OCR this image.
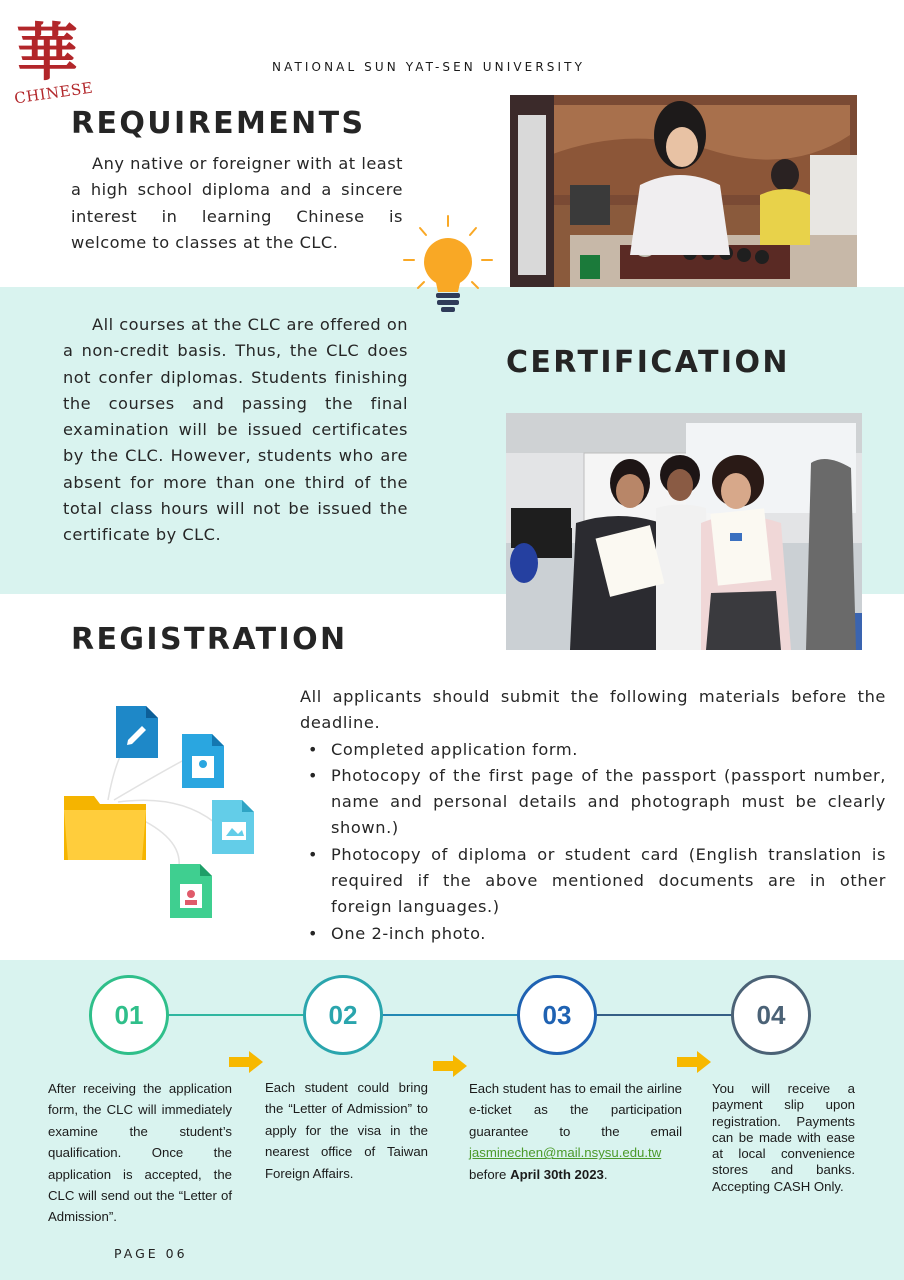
華
CHINESE
NATIONAL SUN YAT-SEN UNIVERSITY
REQUIREMENTS
Any native or foreigner with at least a high school diploma and a sincere interest in learning Chinese is welcome to classes at the CLC.
All courses at the CLC are offered on a non-credit basis. Thus, the CLC does not confer diplomas. Students finishing the courses and passing the final examination will be issued certificates by the CLC. However, students who are absent for more than one third of the total class hours will not be issued the certificate by CLC.
CERTIFICATION
REGISTRATION

All applicants should submit the following materials before the deadline.

• Completed application form.
• Photocopy of the first page of the passport (passport number, name and personal details and photograph must be clearly shown.)
• Photocopy of diploma or student card (English translation is required if the above mentioned documents are in other foreign languages.)
• One 2-inch photo.
01	02	03	04
After receiving the application form, the CLC will immediately examine the student’s qualification. Once the application is accepted, the CLC will send out the “Letter of Admission”.
Each student could bring the “Letter of Admission” to apply for the visa in the nearest office of Taiwan Foreign Affairs.
Each student has to email the airline e-ticket as the participation guarantee to the email jasminechen@mail.nsysu.edu.tw
before April 30th 2023.
You will receive a payment slip upon registration. Payments can be made with ease at local convenience stores and banks. Accepting CASH Only.
PAGE 06
